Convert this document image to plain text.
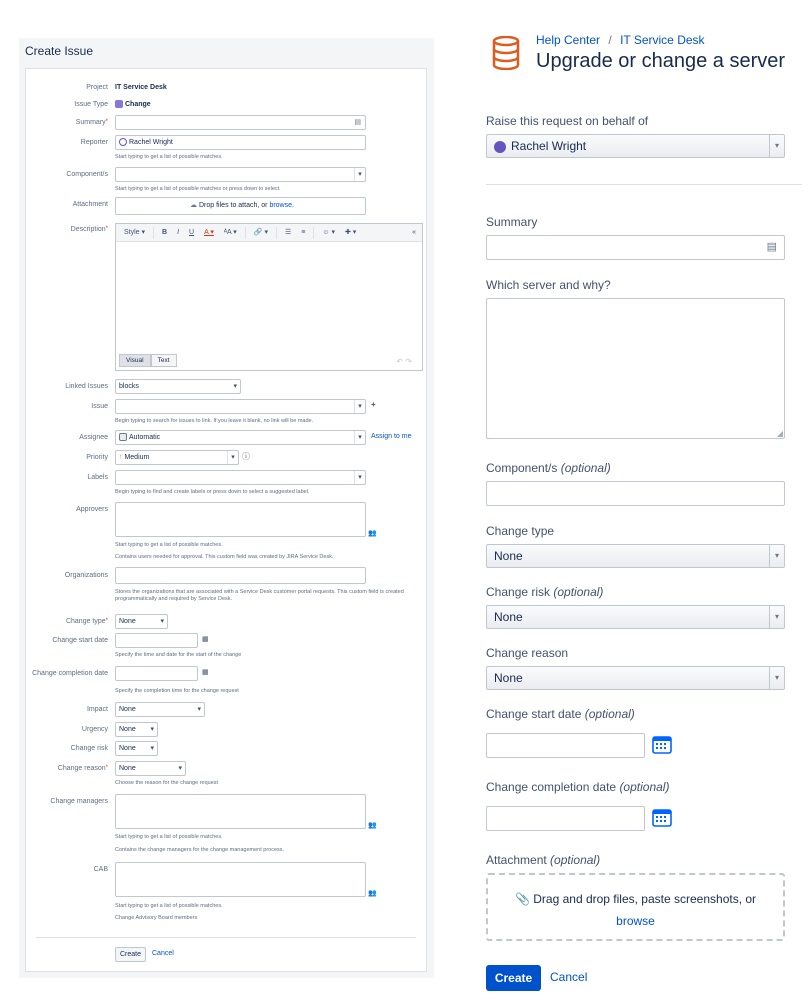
Create Issue
Project IT Service Desk
Issue Type	Change
Summary*	▤
Reporter	Rachel Wright
Start typing to get a list of possible matches.
Component/s	▾
Start typing to get a list of possible matches or press down to select.
Attachment	☁ Drop files to attach, or browse.
Description*	Style ▾	B	I	U	A ▾	ᴬA ▾	🔗 ▾	☰	≡	☺ ▾	✚ ▾	«
Visual	Text	↶ ↷
Linked Issues	blocks ▾
Issue	▾	+
Begin typing to search for issues to link. If you leave it blank, no link will be made.
Assignee	Automatic	▾	Assign to me
Priority	↑ Medium	▾ ⓘ
Labels	▾
Begin typing to find and create labels or press down to select a suggested label.
Approvers
👥
Start typing to get a list of possible matches.
Contains users needed for approval. This custom field was created by JIRA Service Desk.
Organizations
Stores the organizations that are associated with a Service Desk customer portal requests. This custom field is created programmatically and required by Service Desk.
Change type*	None ▾
Change start date	▦
Specify the time and date for the start of the change
Change completion date	▦
Specify the completion time for the change request
Impact	None ▾
Urgency	None ▾
Change risk	None ▾
Change reason*	None ▾
Choose the reason for the change request
Change managers
👥
Start typing to get a list of possible matches.
Contains the change managers for the change management process.
CAB
👥
Start typing to get a list of possible matches.
Change Advisory Board members
Create	Cancel
Help Center / IT Service Desk
Upgrade or change a server
Raise this request on behalf of
Rachel Wright	▾
Summary
▤
Which server and why?
◢
Component/s (optional)
Change type
None	▾
Change risk (optional)
None	▾
Change reason
None	▾
Change start date (optional)
Change completion date (optional)
Attachment (optional)
📎 Drag and drop files, paste screenshots, or
browse
Create	Cancel
